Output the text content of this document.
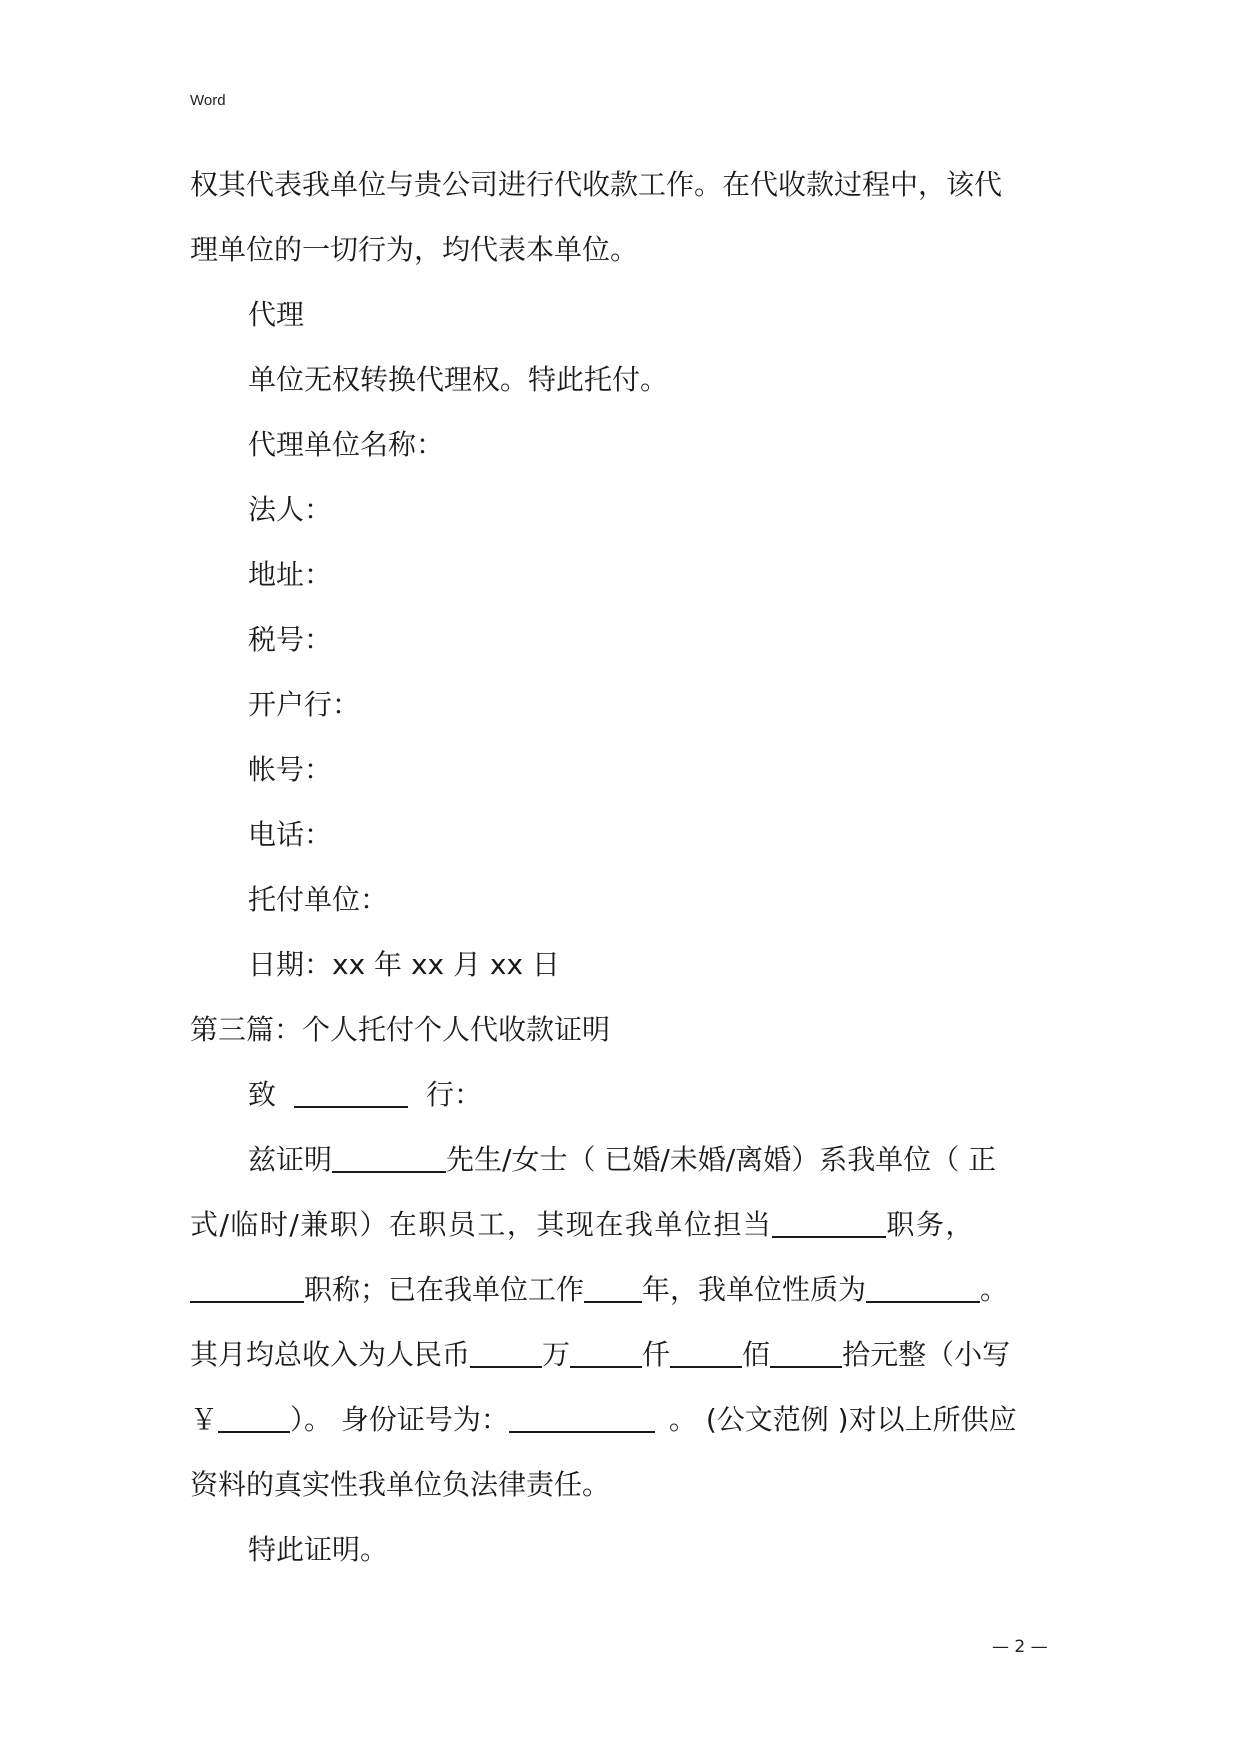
Word

权其代表我单位与贵公司进行代收款工作。在代收款过程中，该代

理单位的一切行为，均代表本单位。

代理

单位无权转换代理权。特此托付。

代理单位名称：

法人：

地址：

税号：

开户行：

帐号：

电话：

托付单位：

日期：xx 年 xx 月 xx 日

第三篇：个人托付个人代收款证明

致	行：

兹证明	先生/女士（ 已婚/未婚/离婚）系我单位（ 正

式/临时/兼职）在职员工，其现在我单位担当	职务，

职称；已在我单位工作 年，我单位性质为	。

其月均总收入为人民币	万	仟	佰	拾元整（小写

￥	）。 身份证号为：	。 (公文范例 )对以上所供应

资料的真实性我单位负法律责任。

特此证明。

— 2 —
